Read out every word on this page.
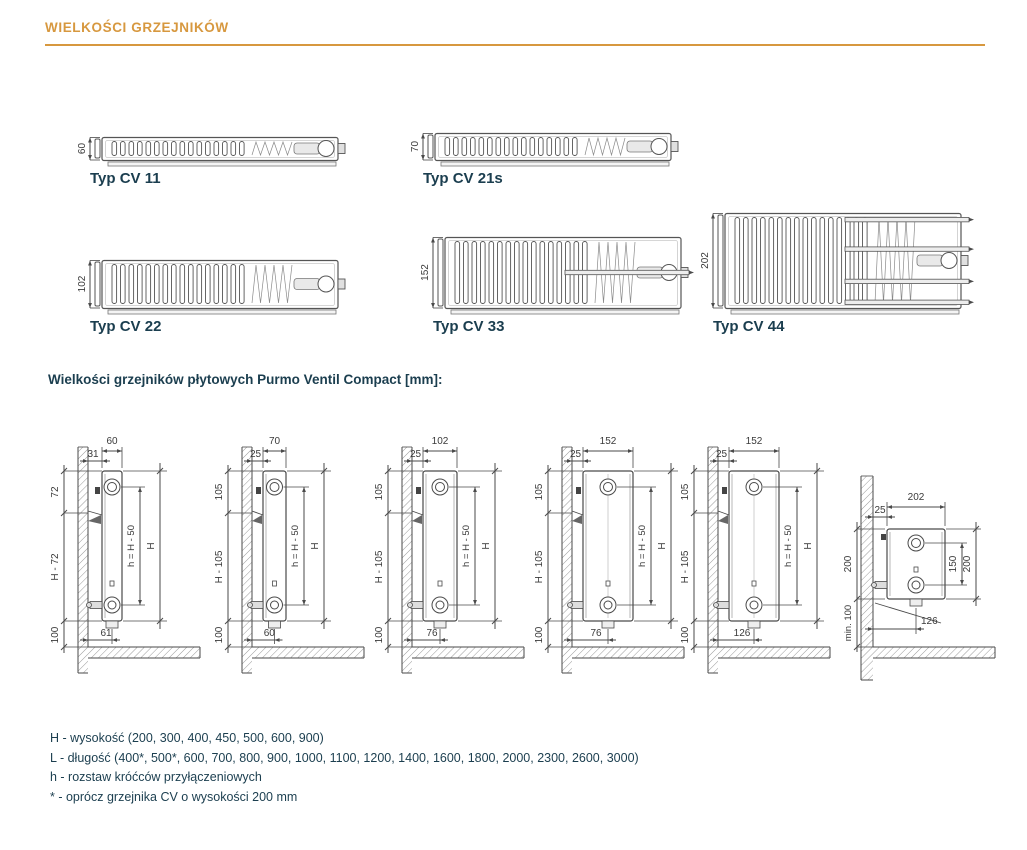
WIELKOŚCI GRZEJNIKÓW
60
Typ CV 11
70
Typ CV 21s
102
Typ CV 22
152
Typ CV 33
202
Typ CV 44
60
31
72
H - 72
100
h = H - 50 H
61
70
25
105
H - 105
100
h = H - 50 H
60
102
25
105
H - 105
100
h = H - 50 H
76
152
25
105
H - 105
100
h = H - 50 H
76
152
25
105
H - 105
100
h = H - 50 H
126
202
25
200
min. 100
150 200
126
Wielkości grzejników płytowych Purmo Ventil Compact [mm]:
H - wysokość (200, 300, 400, 450, 500, 600, 900)
L - długość (400*, 500*, 600, 700, 800, 900, 1000, 1100, 1200, 1400, 1600, 1800, 2000, 2300, 2600, 3000)
h - rozstaw króćców przyłączeniowych
* - oprócz grzejnika CV o wysokości 200 mm
